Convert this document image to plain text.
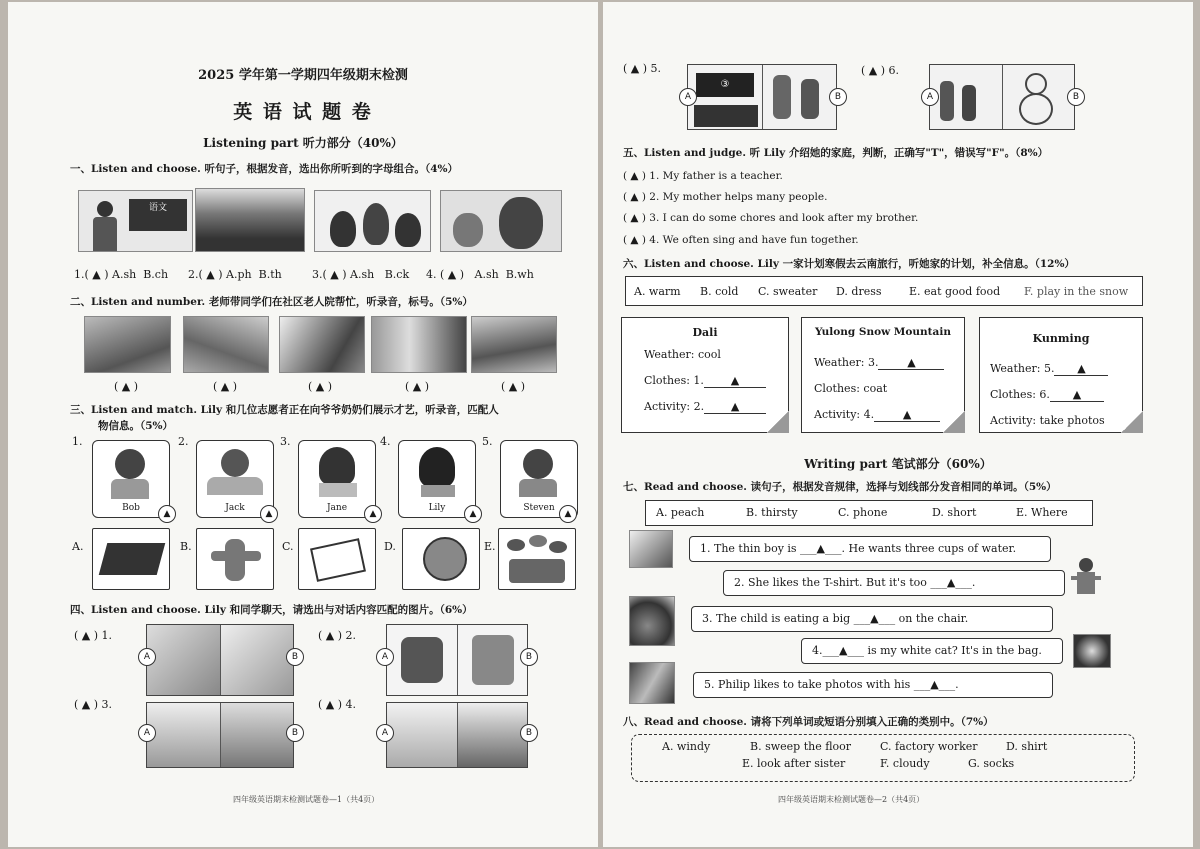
2025 学年第一学期四年级期末检测
英 语 试 题 卷
Listening part 听力部分（40%）
一、Listen and choose. 听句子，根据发音，选出你所听到的字母组合。（4%）
语文
1.( ▲ ) A.sh B.ch 2.( ▲ ) A.ph B.th	3.( ▲ ) A.sh B.ck 4. ( ▲ ) A.sh B.wh
二、Listen and number. 老师带同学们在社区老人院帮忙，听录音，标号。（5%）
( ▲ )	( ▲ )	( ▲ )	( ▲ )	( ▲ )
三、Listen and match. Lily 和几位志愿者正在向爷爷奶奶们展示才艺，听录音，匹配人
物信息。（5%）
1.
Bob
▲
2.
Jack
▲
3.
Jane
▲
4.
Lily
▲
5.
Steven
▲
A.	B.	C.	D.	E.
四、Listen and choose. Lily 和同学聊天，请选出与对话内容匹配的图片。（6%）
( ▲ ) 1.
A	B
( ▲ ) 2.
A	B
( ▲ ) 3.
A	B
( ▲ ) 4.
A	B
四年级英语期末检测试题卷—1（共4页）
( ▲ ) 5.
③
A	B
( ▲ ) 6.
A	B
五、Listen and judge. 听 Lily 介绍她的家庭，判断，正确写"T"，错误写"F"。（8%）
( ▲ ) 1. My father is a teacher.
( ▲ ) 2. My mother helps many people.
( ▲ ) 3. I can do some chores and look after my brother.
( ▲ ) 4. We often sing and have fun together.
六、Listen and choose. Lily 一家计划寒假去云南旅行，听她家的计划，补全信息。（12%）
A. warm B. cold C. sweater D. dress E. eat good food F. play in the snow
Dali
Weather: cool
Clothes: 1. ▲
Activity: 2. ▲
Yulong Snow Mountain
Weather: 3.	▲
Clothes: coat
Activity: 4.	▲
Kunming
Weather: 5. ▲
Clothes: 6. ▲
Activity: take photos
Writing part 笔试部分（60%）
七、Read and choose. 读句子，根据发音规律，选择与划线部分发音相同的单词。（5%）
A. peach	B. thirsty	C. phone	D. short	E. Where
1. The thin boy is ___▲___. He wants three cups of water.
2. She likes the T-shirt. But it's too ___▲___.
3. The child is eating a big ___▲___ on the chair.
4.___▲___ is my white cat? It's in the bag.
5. Philip likes to take photos with his ___▲___.
八、Read and choose. 请将下列单词或短语分别填入正确的类别中。（7%）
A. windy	B. sweep the floor	C. factory worker	D. shirt
E. look after sister	F. cloudy	G. socks
四年级英语期末检测试题卷—2（共4页）
